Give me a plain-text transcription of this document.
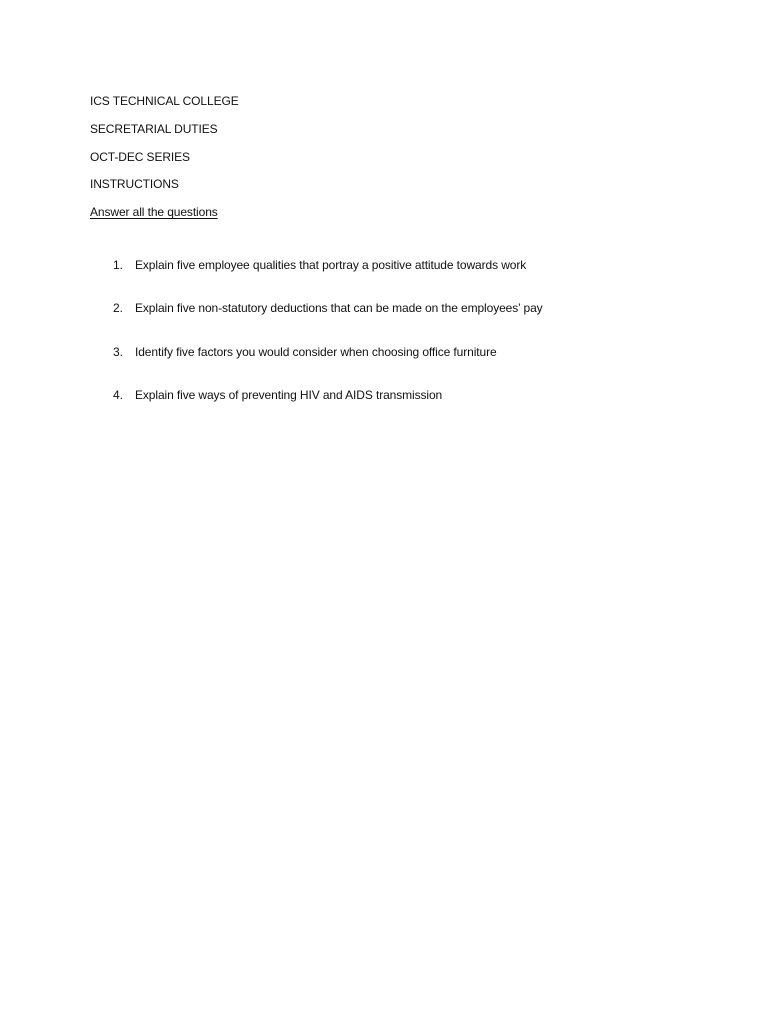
ICS TECHNICAL COLLEGE
SECRETARIAL DUTIES
OCT-DEC SERIES
INSTRUCTIONS
Answer all the questions
1. Explain five employee qualities that portray a positive attitude towards work
2. Explain five non-statutory deductions that can be made on the employees’ pay
3. Identify five factors you would consider when choosing office furniture
4. Explain five ways of preventing HIV and AIDS transmission
